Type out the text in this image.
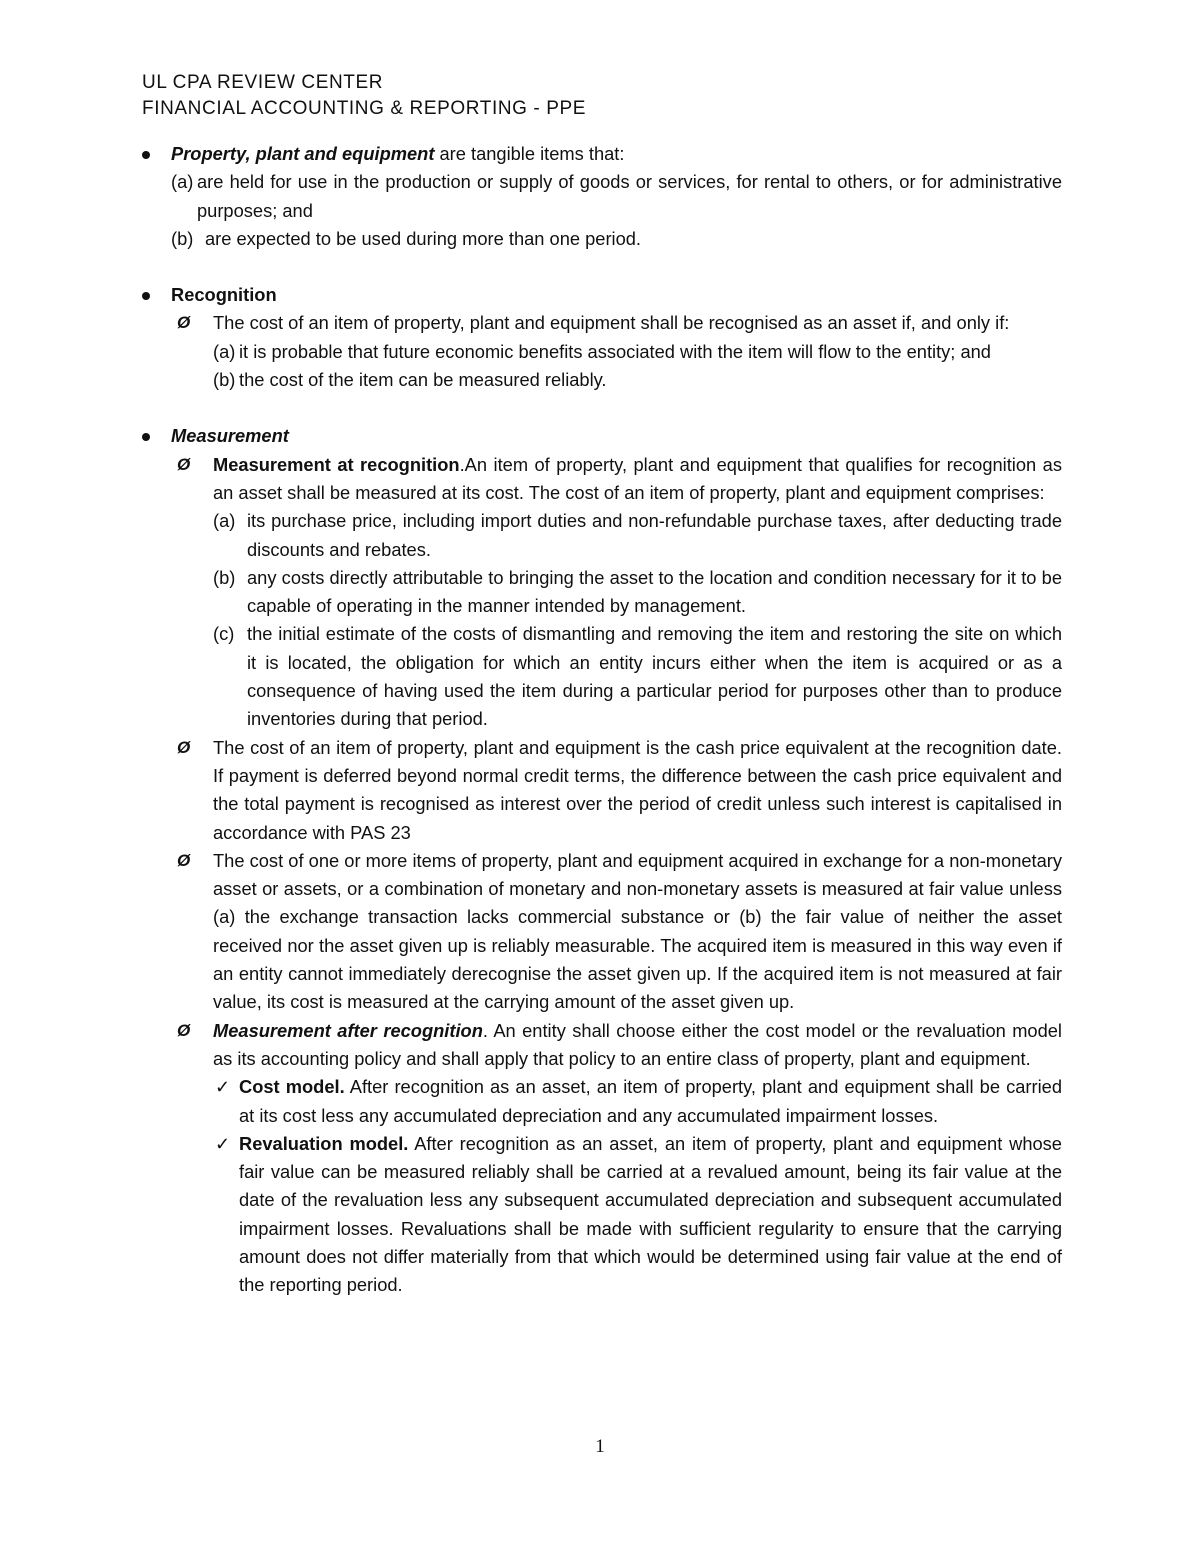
UL CPA REVIEW CENTER
FINANCIAL ACCOUNTING & REPORTING - PPE
Property, plant and equipment are tangible items that:
(a) are held for use in the production or supply of goods or services, for rental to others, or for administrative purposes; and
(b) are expected to be used during more than one period.
Recognition
Ø The cost of an item of property, plant and equipment shall be recognised as an asset if, and only if:
(a) it is probable that future economic benefits associated with the item will flow to the entity; and
(b) the cost of the item can be measured reliably.
Measurement
Ø Measurement at recognition.An item of property, plant and equipment that qualifies for recognition as an asset shall be measured at its cost. The cost of an item of property, plant and equipment comprises:
(a) its purchase price, including import duties and non-refundable purchase taxes, after deducting trade discounts and rebates.
(b) any costs directly attributable to bringing the asset to the location and condition necessary for it to be capable of operating in the manner intended by management.
(c) the initial estimate of the costs of dismantling and removing the item and restoring the site on which it is located, the obligation for which an entity incurs either when the item is acquired or as a consequence of having used the item during a particular period for purposes other than to produce inventories during that period.
Ø The cost of an item of property, plant and equipment is the cash price equivalent at the recognition date. If payment is deferred beyond normal credit terms, the difference between the cash price equivalent and the total payment is recognised as interest over the period of credit unless such interest is capitalised in accordance with PAS 23
Ø The cost of one or more items of property, plant and equipment acquired in exchange for a non-monetary asset or assets, or a combination of monetary and non-monetary assets is measured at fair value unless (a) the exchange transaction lacks commercial substance or (b) the fair value of neither the asset received nor the asset given up is reliably measurable. The acquired item is measured in this way even if an entity cannot immediately derecognise the asset given up. If the acquired item is not measured at fair value, its cost is measured at the carrying amount of the asset given up.
Ø Measurement after recognition. An entity shall choose either the cost model or the revaluation model as its accounting policy and shall apply that policy to an entire class of property, plant and equipment.
✓ Cost model. After recognition as an asset, an item of property, plant and equipment shall be carried at its cost less any accumulated depreciation and any accumulated impairment losses.
✓ Revaluation model. After recognition as an asset, an item of property, plant and equipment whose fair value can be measured reliably shall be carried at a revalued amount, being its fair value at the date of the revaluation less any subsequent accumulated depreciation and subsequent accumulated impairment losses. Revaluations shall be made with sufficient regularity to ensure that the carrying amount does not differ materially from that which would be determined using fair value at the end of the reporting period.
1
